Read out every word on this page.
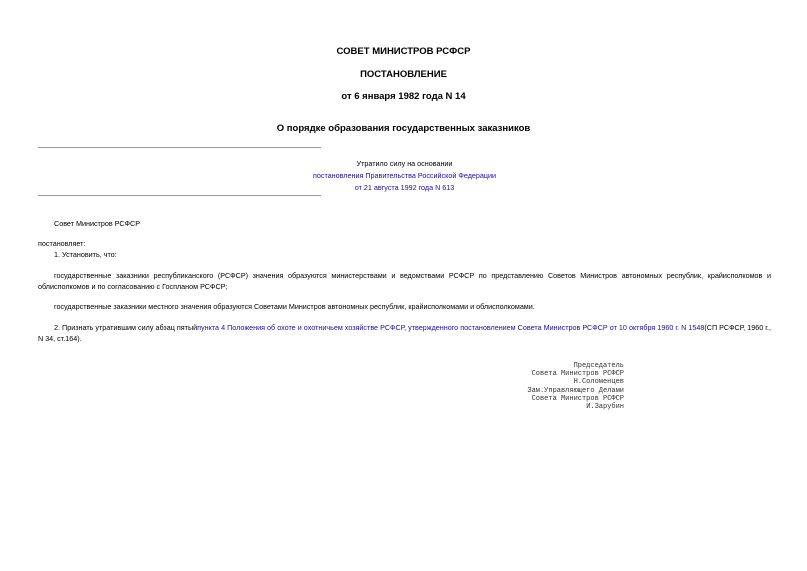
СОВЕТ МИНИСТРОВ РСФСР
ПОСТАНОВЛЕНИЕ
от 6 января 1982 года N 14
О порядке образования государственных заказников
Утратило силу на основании
постановления Правительства Российской Федерации
от 21 августа 1992 года N 613
Совет Министров РСФСР
постановляет:
1. Установить, что:
государственные заказники республиканского (РСФСР) значения образуются министерствами и ведомствами РСФСР по представлению Советов Министров автономных республик, крайисполкомов и облисполкомов и по согласованию с Госпланом РСФСР;
государственные заказники местного значения образуются Советами Министров автономных республик, крайисполкомами и облисполкомами.
2. Признать утратившим силу абзац пятыйпункта 4 Положения об охоте и охотничьем хозяйстве РСФСР, утвержденного постановлением Совета Министров РСФСР от 10 октября 1960 г. N 1548(СП РСФСР, 1960 г., N 34, ст.164).
Председатель
Совета Министров РСФСР
Н.Соломенцев
Зам.Управляющего Делами
Совета Министров РСФСР
И.Зарубин
